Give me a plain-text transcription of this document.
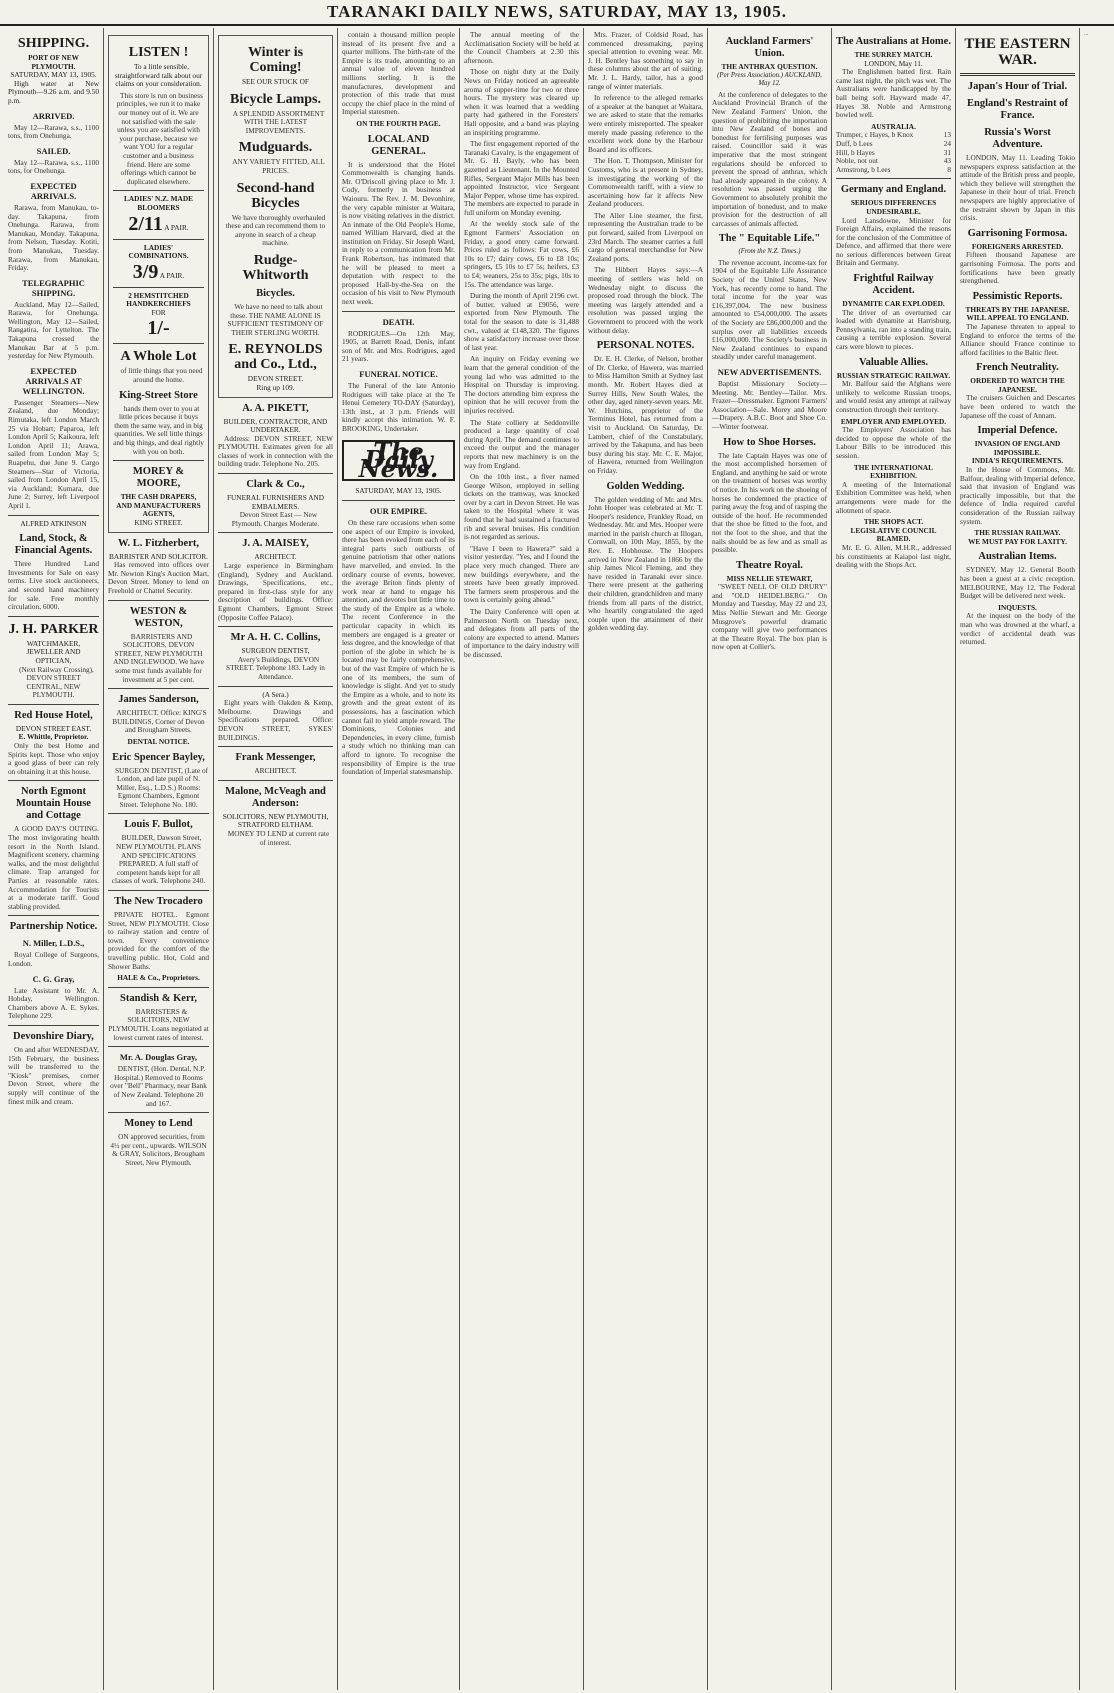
TARANAKI DAILY NEWS, SATURDAY, MAY 13, 1905.
SHIPPING.
PORT OF NEW PLYMOUTH.
SATURDAY, MAY 13, 1905.
High water at New Plymouth—9.26 a.m. and 9.50 p.m.
ARRIVED.
May 12—Rarawa, s.s., 1100 tons, from Onehunga.
SAILED.
May 12—Rarawa, s.s., 1100 tons, for Onehunga.
EXPECTED ARRIVALS.
Rarawa, from Manukau, to-day. Takapuna, from Onehunga. Rarawa, from Manukau, Monday. Takapuna, from Nelson, Tuesday. Kotiti, from Manukau, Tuesday. Rarawa, from Manukau, Friday.
TELEGRAPHIC SHIPPING.
Auckland, May 12—Sailed, Rarawa, for Onehunga. Wellington, May 12—Sailed, Rangatira, for Lyttelton. The Takapuna crossed the Manukau Bar at 5 p.m. yesterday for New Plymouth.
EXPECTED ARRIVALS AT WELLINGTON.
Passenger Steamers—New Zealand, due Monday; Rimutaka, left London March 25 via Hobart; Paparoa, left London April 5; Kaikoura, left London April 11; Arawa, sailed from London May 5; Ruapehu, due June 9. Cargo Steamers—Star of Victoria, sailed from London April 15, via Auckland; Kumara, due June 2; Surrey, left Liverpool April 1.
ALFRED ATKINSON
Land, Stock, & Financial Agents.
Three Hundred Land Investments for Sale on easy terms. Live stock auctioneers, and second hand machinery for sale. Free monthly circulation, 6000.
J. H. PARKER
WATCHMAKER, JEWELLER AND OPTICIAN,
(Next Railway Crossing), DEVON STREET CENTRAL, NEW PLYMOUTH.
Red House Hotel,
DEVON STREET EAST.
E. Whittle, Proprietor.
Only the best Home and Spirits kept. Those who enjoy a good glass of beer can rely on obtaining it at this house.
North Egmont Mountain House and Cottage
A GOOD DAY'S OUTING. The most invigorating health resort in the North Island. Magnificent scenery, charming walks, and the most delightful climate. Trap arranged for Parties at reasonable rates. Accommodation for Tourists at a moderate tariff. Good stabling provided.
Partnership Notice.
N. Miller, L.D.S.,
Royal College of Surgeons, London.
C. G. Gray,
Late Assistant to Mr. A. Hobday, Wellington. Chambers above A. E. Sykes. Telephone 229.
Devonshire Diary,
On and after WEDNESDAY, 15th February, the business will be transferred to the "Kiosk" premises, corner Devon Street, where the supply will continue of the finest milk and cream.
LISTEN !
To a little sensible, straightforward talk about our claims on your consideration.
This store is run on business principles, we run it to make our money out of it. We are not satisfied with the sale unless you are satisfied with your purchase, because we want YOU for a regular customer and a business friend. Here are some offerings which cannot be duplicated elsewhere.
LADIES' N.Z. MADE BLOOMERS
2/11 A PAIR.
LADIES' COMBINATIONS.
3/9 A PAIR.
2 HEMSTITCHED HANDKERCHIEFS
FOR
1/-
A Whole Lot
of little things that you need around the home.
King-Street Store
hands them over to you at little prices because it buys them the same way, and in big quantities. We sell little things and big things, and deal rightly with you on both.
MOREY & MOORE,
THE CASH DRAPERS, AND MANUFACTURERS AGENTS,
KING STREET.
W. L. Fitzherbert,
BARRISTER AND SOLICITOR.
Has removed into offices over Mr. Newton King's Auction Mart, Devon Street. Money to lend on Freehold or Chattel Security.
WESTON & WESTON,
BARRISTERS AND SOLICITORS, DEVON STREET, NEW PLYMOUTH AND INGLEWOOD. We have some trust funds available for investment at 5 per cent.
James Sanderson,
ARCHITECT. Office: KING'S BUILDINGS, Corner of Devon and Brougham Streets.
DENTAL NOTICE.
Eric Spencer Bayley,
SURGEON DENTIST, (Late of London, and late pupil of N. Miller, Esq., L.D.S.) Rooms: Egmont Chambers, Egmont Street. Telephone No. 180.
Louis F. Bullot,
BUILDER, Dawson Street, NEW PLYMOUTH. PLANS AND SPECIFICATIONS PREPARED. A full staff of competent hands kept for all classes of work. Telephone 240.
The New Trocadero
PRIVATE HOTEL. Egmont Street, NEW PLYMOUTH. Close to railway station and centre of town. Every convenience provided for the comfort of the travelling public. Hot, Cold and Shower Baths.
HALE & Co., Proprietors.
Standish & Kerr,
BARRISTERS & SOLICITORS, NEW PLYMOUTH. Loans negotiated at lowest current rates of interest.
Mr. A. Douglas Gray,
DENTIST, (Hon. Dental, N.P. Hospital.) Removed to Rooms over "Bell" Pharmacy, near Bank of New Zealand. Telephone 20 and 167.
Money to Lend
ON approved securities, from 4½ per cent., upwards. WILSON & GRAY, Solicitors, Brougham Street, New Plymouth.
Winter is Coming!
SEE OUR STOCK OF
Bicycle Lamps.
A SPLENDID ASSORTMENT WITH THE LATEST IMPROVEMENTS.
Mudguards.
ANY VARIETY FITTED, ALL PRICES.
Second-hand Bicycles
We have thoroughly overhauled these and can recommend them to anyone in search of a cheap machine.
Rudge-Whitworth
Bicycles.
We have no need to talk about these. THE NAME ALONE IS SUFFICIENT TESTIMONY OF THEIR STERLING WORTH.
E. REYNOLDS and Co., Ltd.,
DEVON STREET.
Ring up 109.
A. A. PIKETT,
BUILDER, CONTRACTOR, AND UNDERTAKER.
Address: DEVON STREET, NEW PLYMOUTH. Estimates given for all classes of work in connection with the building trade. Telephone No. 205.
Clark & Co.,
FUNERAL FURNISHERS AND EMBALMERS.
Devon Street East — New Plymouth. Charges Moderate.
J. A. MAISEY,
ARCHITECT.
Large experience in Birmingham (England), Sydney and Auckland. Drawings, Specifications, etc., prepared in first-class style for any description of buildings. Office: Egmont Chambers, Egmont Street (Opposite Coffee Palace).
Mr A. H. C. Collins,
SURGEON DENTIST,
Avery's Buildings, DEVON STREET. Telephone 183. Lady in Attendance.
(A Sera.)
Eight years with Oakden & Kemp, Melbourne. Drawings and Specifications prepared. Office: DEVON STREET, SYKES' BUILDINGS.
Frank Messenger,
ARCHITECT.
Malone, McVeagh and Anderson:
SOLICITORS, NEW PLYMOUTH, STRATFORD ELTHAM.
MONEY TO LEND at current rate of interest.
contain a thousand million people instead of its present five and a quarter millions. The birth-rate of the Empire is its trade, amounting to an annual value of eleven hundred millions sterling. It is the manufactures, development and protection of this trade that must occupy the chief place in the mind of Imperial statesmen.
ON THE FOURTH PAGE.
LOCAL AND GENERAL.
It is understood that the Hotel Commonwealth is changing hands. Mr. O'Driscoll giving place to Mr. J. Cody, formerly in business at Waiouru. The Rev. J. M. Devonhire, the very capable minister at Waitara, is now visiting relatives in the district. An inmate of the Old People's Home, named William Harvard, died at the institution on Friday. Sir Joseph Ward, in reply to a communication from Mr. Frank Robertson, has intimated that he will be pleased to meet a deputation with respect to the proposed Hall-by-the-Sea on the occasion of his visit to New Plymouth next week.
DEATH.
RODRIGUES—On 12th May, 1905, at Barrett Road, Denis, infant son of Mr. and Mrs. Rodrigues, aged 21 years.
FUNERAL NOTICE.
The Funeral of the late Antonio Rodrigues will take place at the Te Henui Cemetery TO-DAY (Saturday), 13th inst., at 3 p.m. Friends will kindly accept this intimation. W. F. BROOKING, Undertaker.
The Daily News.
SATURDAY, MAY 13, 1905.
OUR EMPIRE.
On these rare occasions when some one aspect of our Empire is invoked, there has been evoked from each of its integral parts such outbursts of genuine patriotism that other nations have marvelled, and envied. In the ordinary course of events, however, the average Briton finds plenty of work near at hand to engage his attention, and devotes but little time to the study of the Empire as a whole. The recent Conference in the particular capacity in which its members are engaged is a greater or less degree, and the knowledge of that portion of the globe in which he is located may be fairly comprehensive, but of the vast Empire of which he is one of its members, the sum of knowledge is slight. And yet to study the Empire as a whole, and to note its growth and the great extent of its possessions, has a fascination which cannot fail to yield ample reward. The Dominions, Colonies and Dependencies, in every clime, furnish a study which no thinking man can afford to ignore. To recognise the responsibility of Empire is the true foundation of Imperial statesmanship.
The annual meeting of the Acclimatisation Society will be held at the Council Chambers at 2.30 this afternoon.
Those on night duty at the Daily News on Friday noticed an agreeable aroma of supper-time for two or three hours. The mystery was cleared up when it was learned that a wedding party had gathered in the Foresters' Hall opposite, and a band was playing an inspiriting programme.
The first engagement reported of the Taranaki Cavalry, is the engagement of Mr. G. H. Bayly, who has been gazetted as Lieutenant. In the Mounted Rifles, Sergeant Major Mills has been appointed Instructor, vice Sergeant Major Pepper, whose time has expired. The members are expected to parade in full uniform on Monday evening.
At the weekly stock sale of the Egmont Farmers' Association on Friday, a good entry came forward. Prices ruled as follows: Fat cows, £6 10s to £7; dairy cows, £6 to £8 10s; springers, £5 10s to £7 5s; heifers, £3 to £4; weaners, 25s to 35s; pigs, 10s to 15s. The attendance was large.
During the month of April 2196 cwt. of butter, valued at £9056, were exported from New Plymouth. The total for the season to date is 31,488 cwt., valued at £148,320. The figures show a satisfactory increase over those of last year.
An inquiry on Friday evening we learn that the general condition of the young lad who was admitted to the Hospital on Thursday is improving. The doctors attending him express the opinion that he will recover from the injuries received.
The State colliery at Seddonville produced a large quantity of coal during April. The demand continues to exceed the output and the manager reports that new machinery is on the way from England.
On the 10th inst., a fiver named George Wilson, employed in selling tickets on the tramway, was knocked over by a cart in Devon Street. He was taken to the Hospital where it was found that he had sustained a fractured rib and several bruises. His condition is not regarded as serious.
"Have I been to Hawera?" said a visitor yesterday. "Yes, and I found the place very much changed. There are new buildings everywhere, and the streets have been greatly improved. The farmers seem prosperous and the town is certainly going ahead."
The Dairy Conference will open at Palmerston North on Tuesday next, and delegates from all parts of the colony are expected to attend. Matters of importance to the dairy industry will be discussed.
Mrs. Frazer, of Coldsid Road, has commenced dressmaking, paying special attention to evening wear. Mr. J. H. Bentley has something to say in these columns about the art of suiting. Mr. J. L. Hardy, tailor, has a good range of winter materials.
In reference to the alleged remarks of a speaker at the banquet at Waitara, we are asked to state that the remarks were entirely misreported. The speaker merely made passing reference to the excellent work done by the Harbour Board and its officers.
The Hon. T. Thompson, Minister for Customs, who is at present in Sydney, is investigating the working of the Commonwealth tariff, with a view to ascertaining how far it affects New Zealand producers.
The Aller Line steamer, the first, representing the Australian trade to be put forward, sailed from Liverpool on 23rd March. The steamer carries a full cargo of general merchandise for New Zealand ports.
The Hibbert Hayes says:—A meeting of settlers was held on Wednesday night to discuss the proposed road through the block. The meeting was largely attended and a resolution was passed urging the Government to proceed with the work without delay.
PERSONAL NOTES.
Dr. E. H. Clerke, of Nelson, brother of Dr. Clerke, of Hawera, was married to Miss Hamilton Smith at Sydney last month. Mr. Robert Hayes died at Surrey Hills, New South Wales, the other day, aged ninety-seven years. Mr. W. Hutchins, proprietor of the Terminus Hotel, has returned from a visit to Auckland. On Saturday, Dr. Lambert, chief of the Constabulary, arrived by the Takapuna, and has been busy during his stay. Mr. C. E. Major, of Hawera, returned from Wellington on Friday.
Golden Wedding.
The golden wedding of Mr. and Mrs. John Hooper was celebrated at Mr. T. Hooper's residence, Frankley Road, on Wednesday. Mr. and Mrs. Hooper were married in the parish church at Illogan, Cornwall, on 10th May, 1855, by the Rev. E. Hobhouse. The Hoopers arrived in New Zealand in 1866 by the ship James Nicol Fleming, and they have resided in Taranaki ever since. There were present at the gathering their children, grandchildren and many friends from all parts of the district, who heartily congratulated the aged couple upon the attainment of their golden wedding day.
Auckland Farmers' Union.
THE ANTHRAX QUESTION.
(Per Press Association.) AUCKLAND, May 12.
At the conference of delegates to the Auckland Provincial Branch of the New Zealand Farmers' Union, the question of prohibiting the importation into New Zealand of bones and bonedust for fertilising purposes was raised. Councillor said it was imperative that the most stringent regulations should be enforced to prevent the spread of anthrax, which had already appeared in the colony. A resolution was passed urging the Government to absolutely prohibit the importation of bonedust, and to make provision for the destruction of all carcasses of animals affected.
The " Equitable Life."
(From the N.Z. Times.)
The revenue account, income-tax for 1904 of the Equitable Life Assurance Society of the United States, New York, has recently come to hand. The total income for the year was £16,397,004. The new business amounted to £54,000,000. The assets of the Society are £86,000,000 and the surplus over all liabilities exceeds £16,000,000. The Society's business in New Zealand continues to expand steadily under careful management.
NEW ADVERTISEMENTS.
Baptist Missionary Society—Meeting. Mr. Bentley—Tailor. Mrs. Frazer—Dressmaker. Egmont Farmers' Association—Sale. Morey and Moore—Drapery. A.B.C. Boot and Shoe Co.—Winter footwear.
How to Shoe Horses.
The late Captain Hayes was one of the most accomplished horsemen of England, and anything he said or wrote on the treatment of horses was worthy of notice. In his work on the shoeing of horses he condemned the practice of paring away the frog and of rasping the outside of the hoof. He recommended that the shoe be fitted to the foot, and not the foot to the shoe, and that the nails should be as few and as small as possible.
Theatre Royal.
MISS NELLIE STEWART,
"SWEET NELL OF OLD DRURY" and "OLD HEIDELBERG." On Monday and Tuesday, May 22 and 23, Miss Nellie Stewart and Mr. George Musgrove's powerful dramatic company will give two performances at the Theatre Royal. The box plan is now open at Collier's.
The Australians at Home.
THE SURREY MATCH.
LONDON, May 11.
The Englishmen batted first. Rain came last night, the pitch was wet. The Australians were handicapped by the ball being soft. Hayward made 47, Hayes 38. Noble and Armstrong bowled well.
AUSTRALIA.
Trumper, c Hayes, b Knox	13
Duff, b Lees	24
Hill, b Hayes	31
Noble, not out	43
Armstrong, b Lees	8
Germany and England.
SERIOUS DIFFERENCES UNDESIRABLE.
Lord Lansdowne, Minister for Foreign Affairs, explained the reasons for the conclusion of the Committee of Defence, and affirmed that there were no serious differences between Great Britain and Germany.
Frightful Railway Accident.
DYNAMITE CAR EXPLODED.
The driver of an overturned car loaded with dynamite at Harrisburg, Pennsylvania, ran into a standing train, causing a terrible explosion. Several cars were blown to pieces.
Valuable Allies.
RUSSIAN STRATEGIC RAILWAY.
Mr. Balfour said the Afghans were unlikely to welcome Russian troops, and would resist any attempt at railway construction through their territory.
EMPLOYER AND EMPLOYED.
The Employers' Association has decided to oppose the whole of the Labour Bills to be introduced this session.
THE INTERNATIONAL EXHIBITION.
A meeting of the International Exhibition Committee was held, when arrangements were made for the allotment of space.
THE SHOPS ACT.
LEGISLATIVE COUNCIL BLAMED.
Mr. E. G. Allen, M.H.R., addressed his constituents at Kaiapoi last night, dealing with the Shops Act.
THE EASTERN WAR.
Japan's Hour of Trial.
England's Restraint of France.
Russia's Worst Adventure.
LONDON, May 11. Leading Tokio newspapers express satisfaction at the attitude of the British press and people, which they believe will strengthen the Japanese in their hour of trial. French newspapers are highly appreciative of the restraint shown by Japan in this crisis.
Garrisoning Formosa.
FOREIGNERS ARRESTED.
Fifteen thousand Japanese are garrisoning Formosa. The ports and fortifications have been greatly strengthened.
Pessimistic Reports.
THREATS BY THE JAPANESE.
WILL APPEAL TO ENGLAND.
The Japanese threaten to appeal to England to enforce the terms of the Alliance should France continue to afford facilities to the Baltic fleet.
French Neutrality.
ORDERED TO WATCH THE JAPANESE.
The cruisers Guichen and Descartes have been ordered to watch the Japanese off the coast of Annam.
Imperial Defence.
INVASION OF ENGLAND IMPOSSIBLE.
INDIA'S REQUIREMENTS.
In the House of Commons, Mr. Balfour, dealing with Imperial defence, said that invasion of England was practically impossible, but that the defence of India required careful consideration of the Russian railway system.
THE RUSSIAN RAILWAY.
WE MUST PAY FOR LAXITY.
Australian Items.
SYDNEY, May 12. General Booth has been a guest at a civic reception. MELBOURNE, May 12. The Federal Budget will be delivered next week.
INQUESTS.
At the inquest on the body of the man who was drowned at the wharf, a verdict of accidental death was returned.
...
